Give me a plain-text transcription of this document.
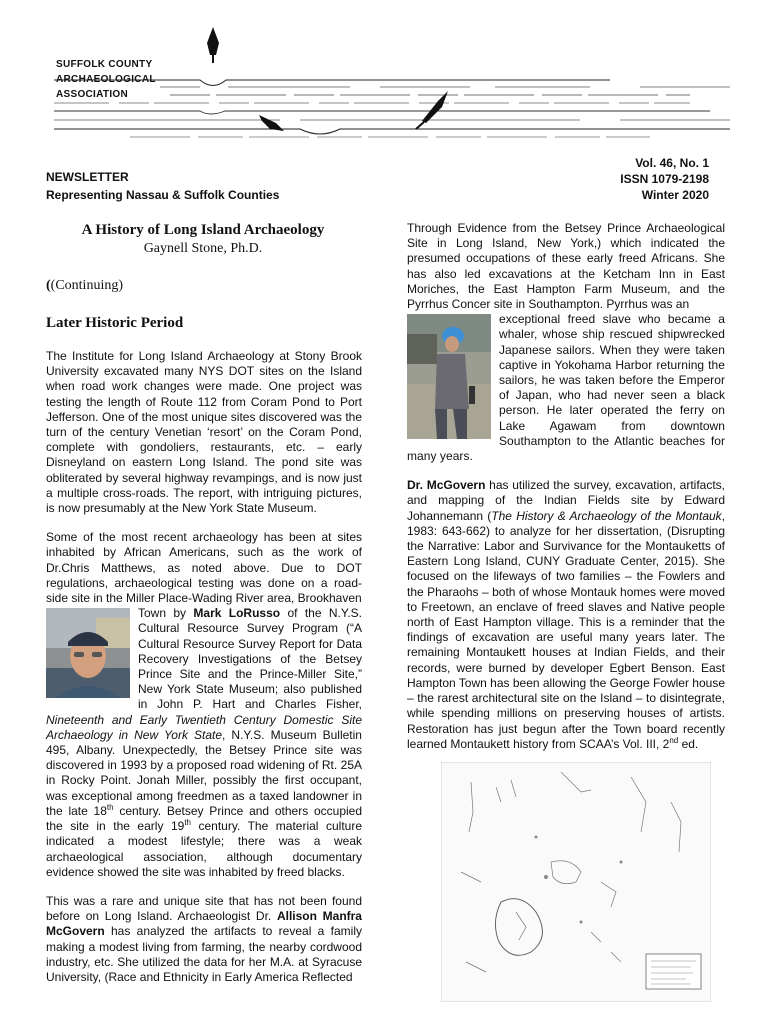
SUFFOLK COUNTY
ARCHAEOLOGICAL
ASSOCIATION
NEWSLETTER
Representing Nassau & Suffolk Counties
Vol. 46, No. 1
ISSN 1079-2198
Winter 2020
A History of Long Island Archaeology
Gaynell Stone, Ph.D.
((Continuing)
Later Historic Period

The Institute for Long Island Archaeology at Stony Brook University excavated many NYS DOT sites on the Island when road work changes were made. One project was testing the length of Route 112 from Coram Pond to Port Jefferson. One of the most unique sites discovered was the turn of the century Venetian ‘resort’ on the Coram Pond, complete with gondoliers, restaurants, etc. – early Disneyland on eastern Long Island. The pond site was obliterated by several highway revampings, and is now just a multiple cross-roads. The report, with intriguing pictures, is now presumably at the New York State Museum.

Some of the most recent archaeology has been at sites inhabited by African Americans, such as the work of Dr.Chris Matthews, as noted above. Due to DOT regulations, archaeological testing was done on a road-side site in the Miller Place-Wading River area, Brookhaven

Town by Mark LoRusso of the N.Y.S. Cultural Resource Survey Program (“A Cultural Resource Survey Report for Data Recovery Investigations of the Betsey Prince Site and the Prince-Miller Site,” New York State Museum; also published in John P. Hart and Charles Fisher, Nineteenth and Early Twentieth Century Domestic Site Archaeology in New York State, N.Y.S. Museum Bulletin 495, Albany. Unexpectedly, the Betsey Prince site was discovered in 1993 by a proposed road widening of Rt. 25A in Rocky Point. Jonah Miller, possibly the first occupant, was exceptional among freedmen as a taxed landowner in the late 18th century. Betsey Prince and others occupied the site in the early 19th century. The material culture indicated a modest lifestyle; there was a weak archaeological association, although documentary evidence showed the site was inhabited by freed blacks.

This was a rare and unique site that has not been found before on Long Island. Archaeologist Dr. Allison Manfra McGovern has analyzed the artifacts to reveal a family making a modest living from farming, the nearby cordwood industry, etc. She utilized the data for her M.A. at Syracuse University, (Race and Ethnicity in Early America Reflected

Through Evidence from the Betsey Prince Archaeological Site in Long Island, New York,) which indicated the presumed occupations of these early freed Africans. She has also led excavations at the Ketcham Inn in East Moriches, the East Hampton Farm Museum, and the Pyrrhus Concer site in Southampton. Pyrrhus was an

exceptional freed slave who became a whaler, whose ship rescued shipwrecked Japanese sailors. When they were taken captive in Yokohama Harbor returning the sailors, he was taken before the Emperor of Japan, who had never seen a black person. He later operated the ferry on Lake Agawam from downtown Southampton to the Atlantic beaches for many years.

Dr. McGovern has utilized the survey, excavation, artifacts, and mapping of the Indian Fields site by Edward Johannemann (The History & Archaeology of the Montauk, 1983: 643-662) to analyze for her dissertation, (Disrupting the Narrative: Labor and Survivance for the Montauketts of Eastern Long Island, CUNY Graduate Center, 2015). She focused on the lifeways of two families – the Fowlers and the Pharaohs – both of whose Montauk homes were moved to Freetown, an enclave of freed slaves and Native people north of East Hampton village. This is a reminder that the findings of excavation are useful many years later. The remaining Montaukett houses at Indian Fields, and their records, were burned by developer Egbert Benson. East Hampton Town has been allowing the George Fowler house – the rarest architectural site on the Island – to disintegrate, while spending millions on preserving houses of artists. Restoration has just begun after the Town board recently learned Montaukett history from SCAA’s Vol. III, 2nd ed.
